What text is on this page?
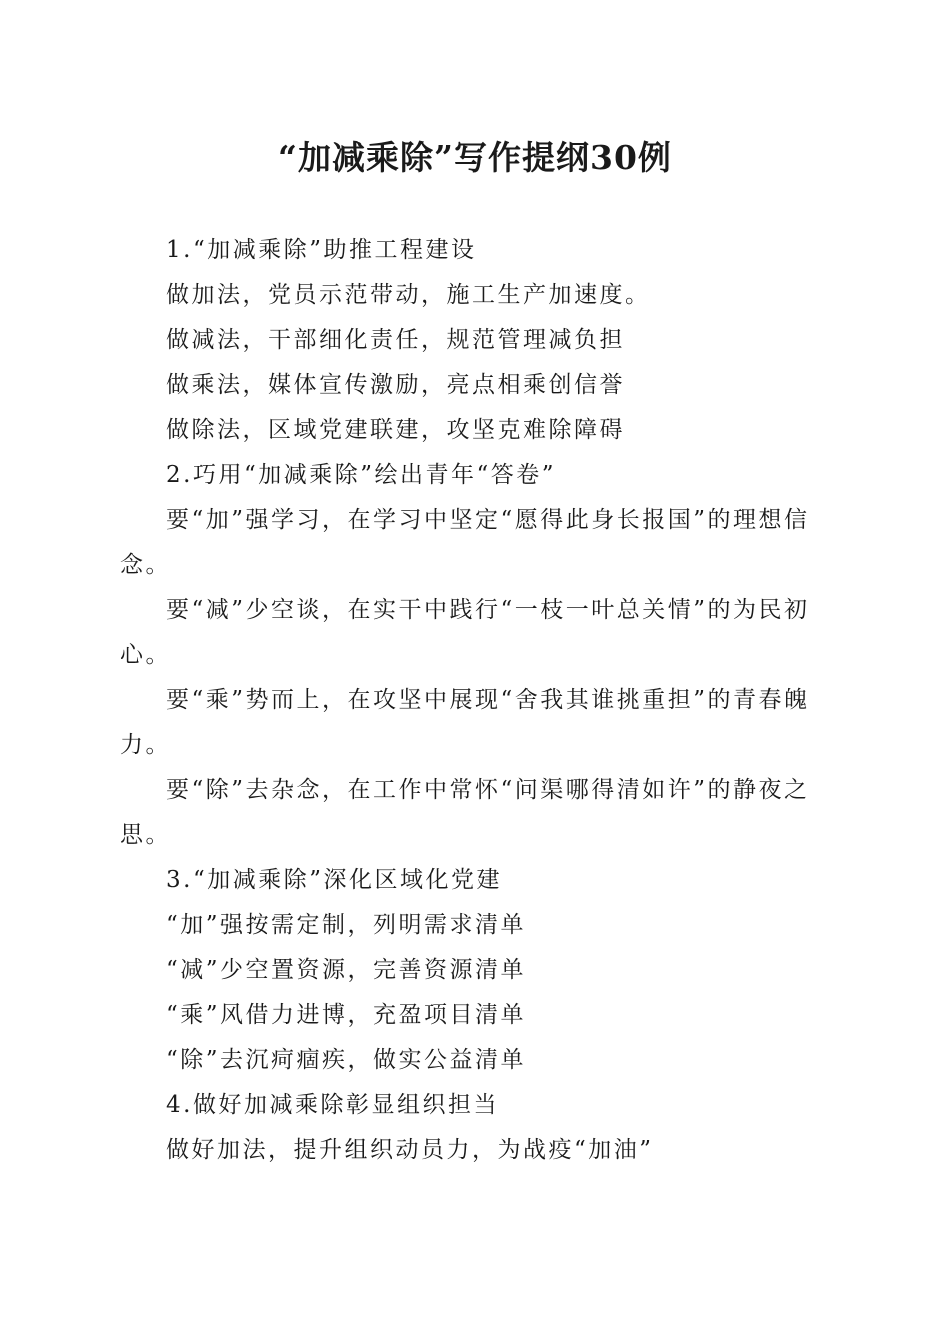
“加减乘除”写作提纲30例

1.“加减乘除”助推工程建设

做加法，党员示范带动，施工生产加速度。

做减法，干部细化责任，规范管理减负担

做乘法，媒体宣传激励，亮点相乘创信誉

做除法，区域党建联建，攻坚克难除障碍

2.巧用“加减乘除”绘出青年“答卷”

要“加”强学习，在学习中坚定“愿得此身长报国”的理想信念。

要“减”少空谈，在实干中践行“一枝一叶总关情”的为民初心。

要“乘”势而上，在攻坚中展现“舍我其谁挑重担”的青春魄力。

要“除”去杂念，在工作中常怀“问渠哪得清如许”的静夜之思。

3.“加减乘除”深化区域化党建

“加”强按需定制，列明需求清单

“减”少空置资源，完善资源清单

“乘”风借力进博，充盈项目清单

“除”去沉疴痼疾，做实公益清单

4.做好加减乘除彰显组织担当

做好加法，提升组织动员力，为战疫“加油”
